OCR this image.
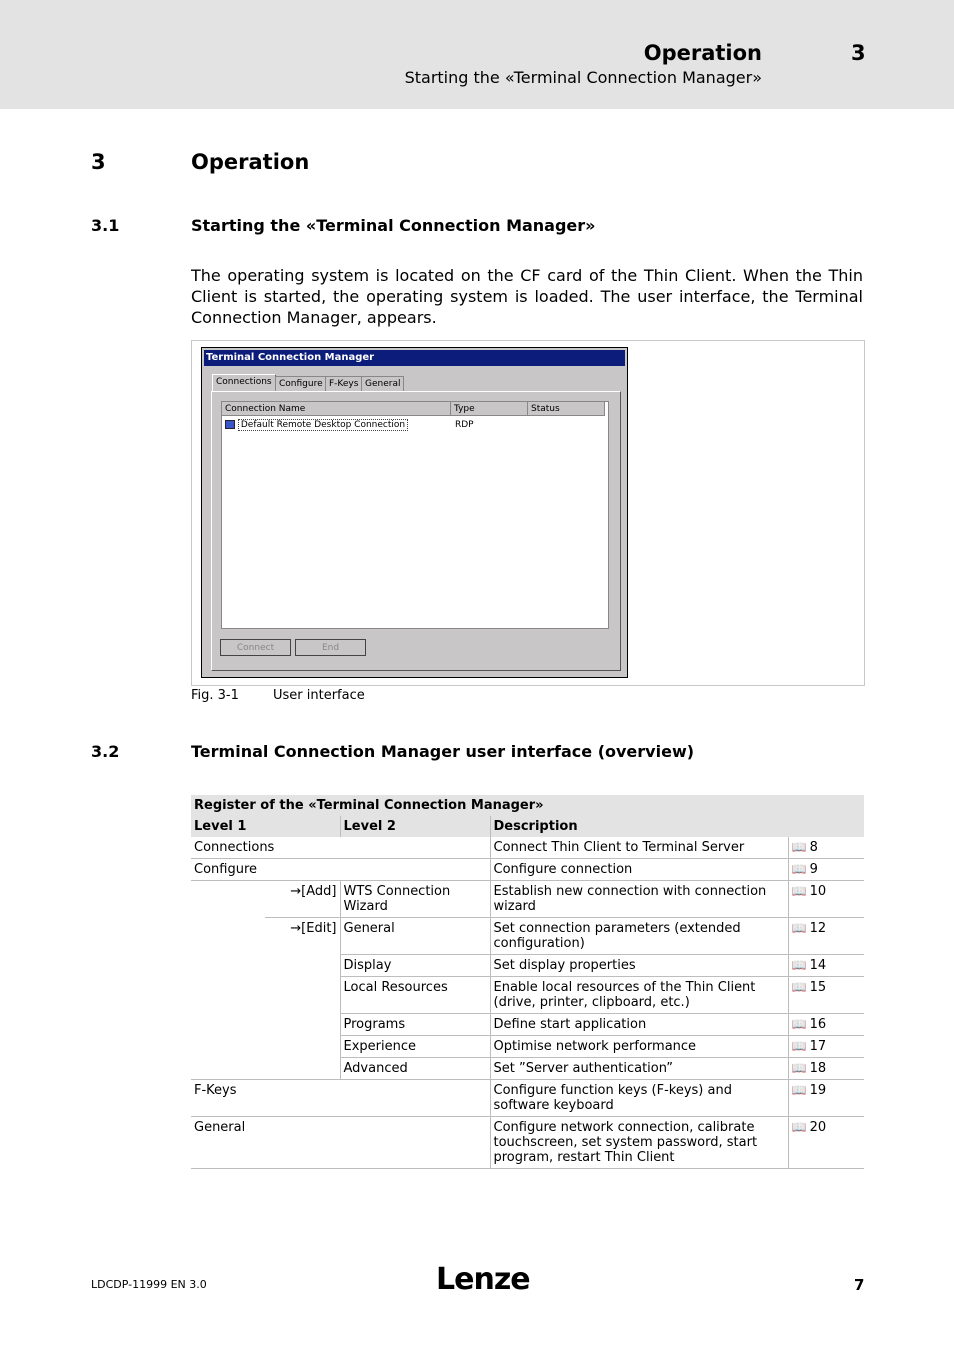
Operation	3
Starting the «Terminal Connection Manager»
3	Operation
3.1	Starting the «Terminal Connection Manager»
The operating system is located on the CF card of the Thin Client. When the Thin Client is started, the operating system is loaded. The user interface, the Terminal Connection Manager, appears.
Terminal Connection Manager
Connections Configure F-Keys General
Connection Name	Type	Status
Default Remote Desktop Connection	RDP
Connect	End
Fig. 3-1	User interface
3.2	Terminal Connection Manager user interface (overview)
Register of the «Terminal Connection Manager»				
Level 1		Level 2	Description	
Connections			Connect Thin Client to Terminal Server	📖 8
Configure			Configure connection	📖 9
	→[Add]	WTS Connection Wizard	Establish new connection with connection wizard	📖 10
	→[Edit]	General	Set connection parameters (extended configuration)	📖 12
		Display	Set display properties	📖 14
		Local Resources	Enable local resources of the Thin Client (drive, printer, clipboard, etc.)	📖 15
		Programs	Define start application	📖 16
		Experience	Optimise network performance	📖 17
		Advanced	Set ”Server authentication”	📖 18
F-Keys			Configure function keys (F-keys) and software keyboard	📖 19
General			Configure network connection, calibrate touchscreen, set system password, start program, restart Thin Client	📖 20
LDCDP-11999 EN 3.0	Lenze	7
